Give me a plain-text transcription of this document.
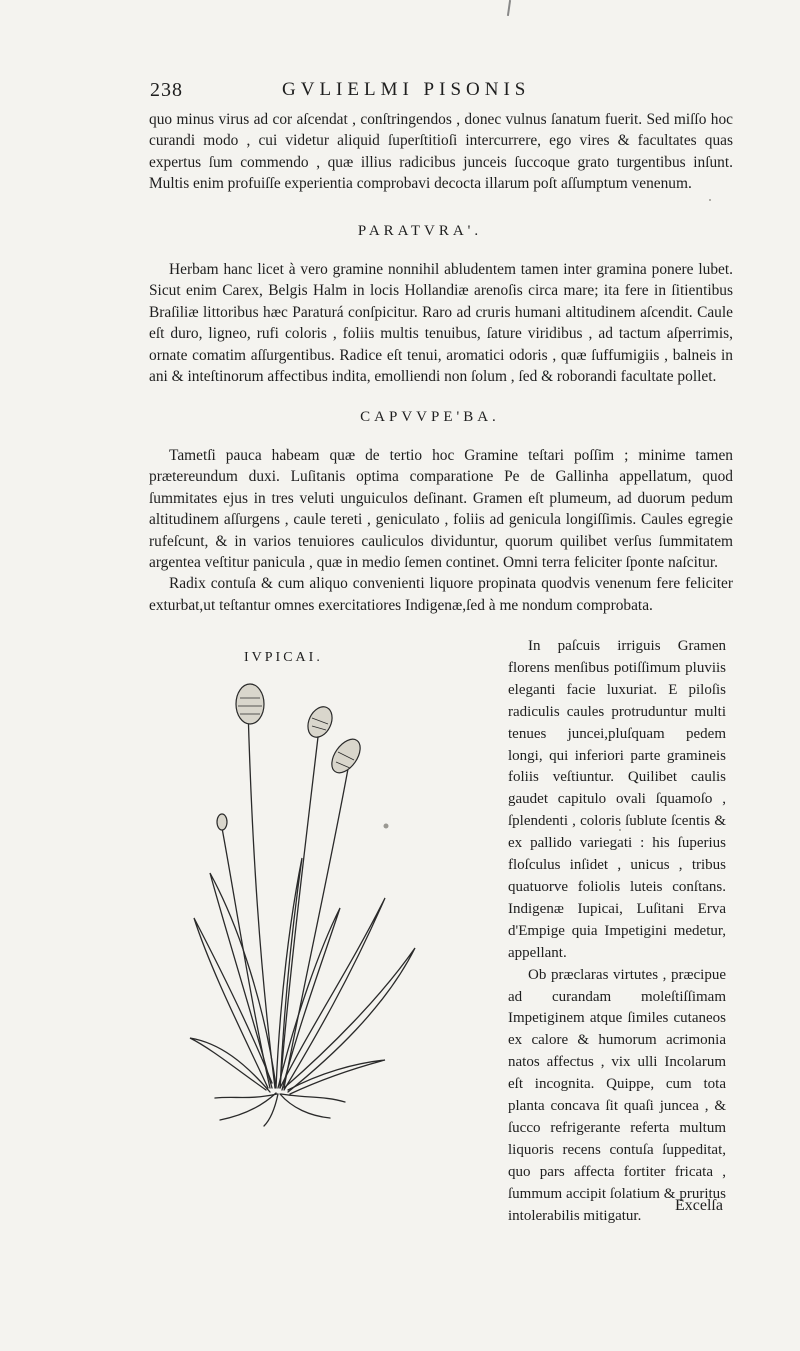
238	GVLIELMI PISONIS

quo minus virus ad cor aſcendat , conſtringendos , donec vulnus ſanatum fuerit. Sed miſſo hoc curandi modo , cui videtur aliquid ſuperſtitioſi intercurrere, ego vires & facultates quas expertus ſum commendo , quæ illius radicibus junceis ſuccoque grato turgentibus inſunt. Multis enim profuiſſe experientia comprobavi decocta illarum poſt aſſumptum venenum.

PARATVRA'.

Herbam hanc licet à vero gramine nonnihil abludentem tamen inter gramina ponere lubet. Sicut enim Carex, Belgis Halm in locis Hollandiæ arenoſis circa mare; ita fere in ſitientibus Braſiliæ littoribus hæc Paraturá conſpicitur. Raro ad cruris humani altitudinem aſcendit. Caule eſt duro, ligneo, rufi coloris , foliis multis tenuibus, ſature viridibus , ad tactum aſperrimis, ornate comatim aſſurgentibus. Radice eſt tenui, aromatici odoris , quæ ſuffumigiis , balneis in ani & inteſtinorum affectibus indita, emolliendi non ſolum , ſed & roborandi facultate pollet.

CAPVVPE'BA.

Tametſi pauca habeam quæ de tertio hoc Gramine teſtari poſſim ; minime tamen prætereundum duxi. Luſitanis optima comparatione Pe de Gallinha appellatum, quod ſummitates ejus in tres veluti unguiculos deſinant. Gramen eſt plumeum, ad duorum pedum altitudinem aſſurgens , caule tereti , geniculato , foliis ad genicula longiſſimis. Caules egregie rufeſcunt, & in varios tenuiores cauliculos dividuntur, quorum quilibet verſus ſummitatem argentea veſtitur panicula , quæ in medio ſemen continet. Omni terra feliciter ſponte naſcitur.

Radix contuſa & cum aliquo convenienti liquore propinata quodvis venenum fere feliciter exturbat,ut teſtantur omnes exercitatiores Indigenæ,ſed à me nondum comprobata.

IVPICAI.

In paſcuis irriguis Gramen florens menſibus potiſſimum pluviis eleganti facie luxuriat. E piloſis radiculis caules protruduntur multi tenues juncei,pluſquam pedem longi, qui inferiori parte gramineis foliis veſtiuntur. Quilibet caulis gaudet capitulo ovali ſquamoſo , ſplendenti , coloris ſublute ſcentis & ex pallido variegati : his ſuperius floſculus inſidet , unicus , tribus quatuorve foliolis luteis conſtans. Indigenæ Iupicai, Luſitani Erva d'Empige quia Impetigini medetur, appellant.

Ob præclaras virtutes , præcipue ad curandam moleſtiſſimam Impetiginem atque ſimiles cutaneos ex calore & humorum acrimonia natos affectus , vix ulli Incolarum eſt incognita. Quippe, cum tota planta concava ſit quaſi juncea , & ſucco refrigerante referta multum liquoris recens contuſa ſuppeditat, quo pars affecta fortiter fricata , ſummum accipit ſolatium & pruritus intolerabilis mitigatur.

Excelſa
